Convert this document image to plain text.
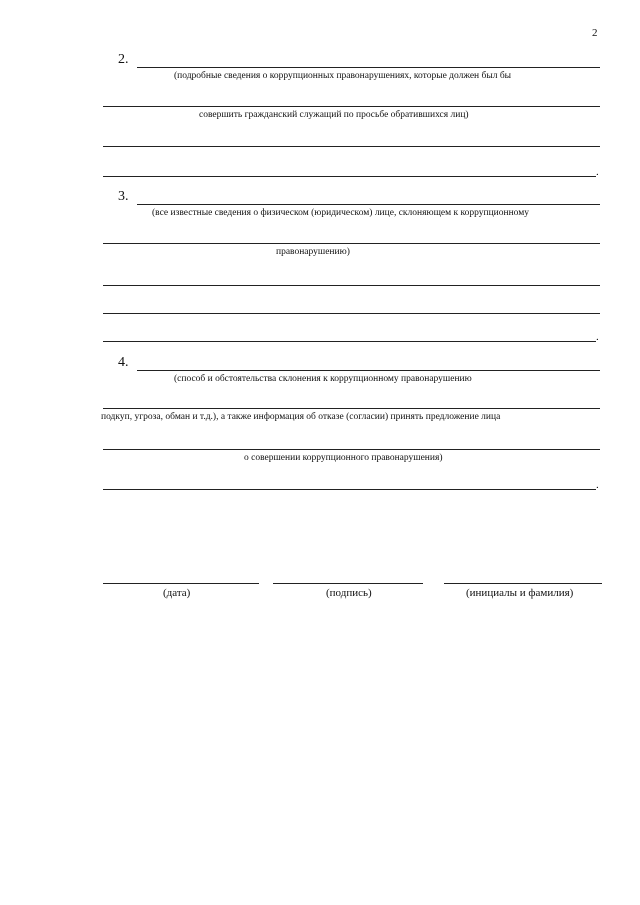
2
2.
(подробные сведения о коррупционных правонарушениях, которые должен был бы
совершить гражданский служащий по просьбе обратившихся лиц)
.
3.
(все известные сведения о физическом (юридическом) лице, склоняющем к коррупционному
правонарушению)
.
4.
(способ и обстоятельства склонения к коррупционному правонарушению
подкуп, угроза, обман и т.д.), а также информация об отказе (согласии) принять предложение лица
о совершении коррупционного правонарушения)
.
(дата)	(подпись)	(инициалы и фамилия)
